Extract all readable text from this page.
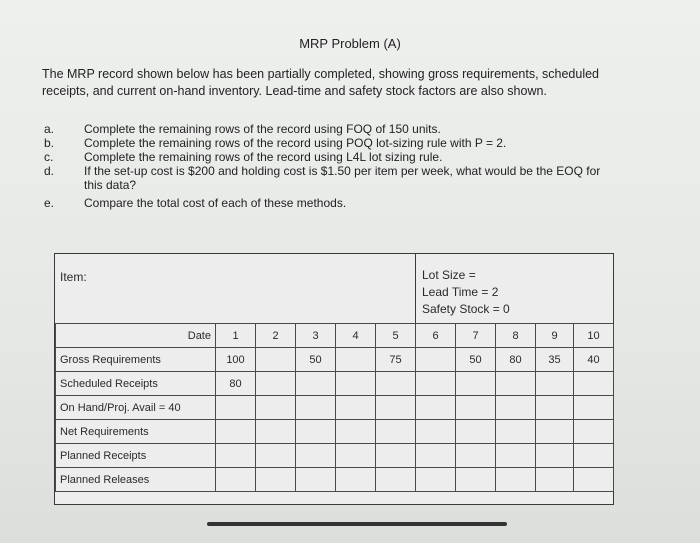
MRP Problem (A)
The MRP record shown below has been partially completed, showing gross requirements, scheduled receipts, and current on-hand inventory. Lead-time and safety stock factors are also shown.
a.	Complete the remaining rows of the record using FOQ of 150 units.
b.	Complete the remaining rows of the record using POQ lot-sizing rule with P = 2.
c.	Complete the remaining rows of the record using L4L lot sizing rule.
d.	If the set-up cost is $200 and holding cost is $1.50 per item per week, what would be the EOQ for
this data?
e.	Compare the total cost of each of these methods.
Item:	Lot Size =
Lead Time = 2
Safety Stock = 0
Date	1	2	3	4	5	6	7	8	9	10
Gross Requirements	100		50		75		50	80	35	40
Scheduled Receipts	80									
On Hand/Proj. Avail = 40										
Net Requirements										
Planned Receipts										
Planned Releases										
